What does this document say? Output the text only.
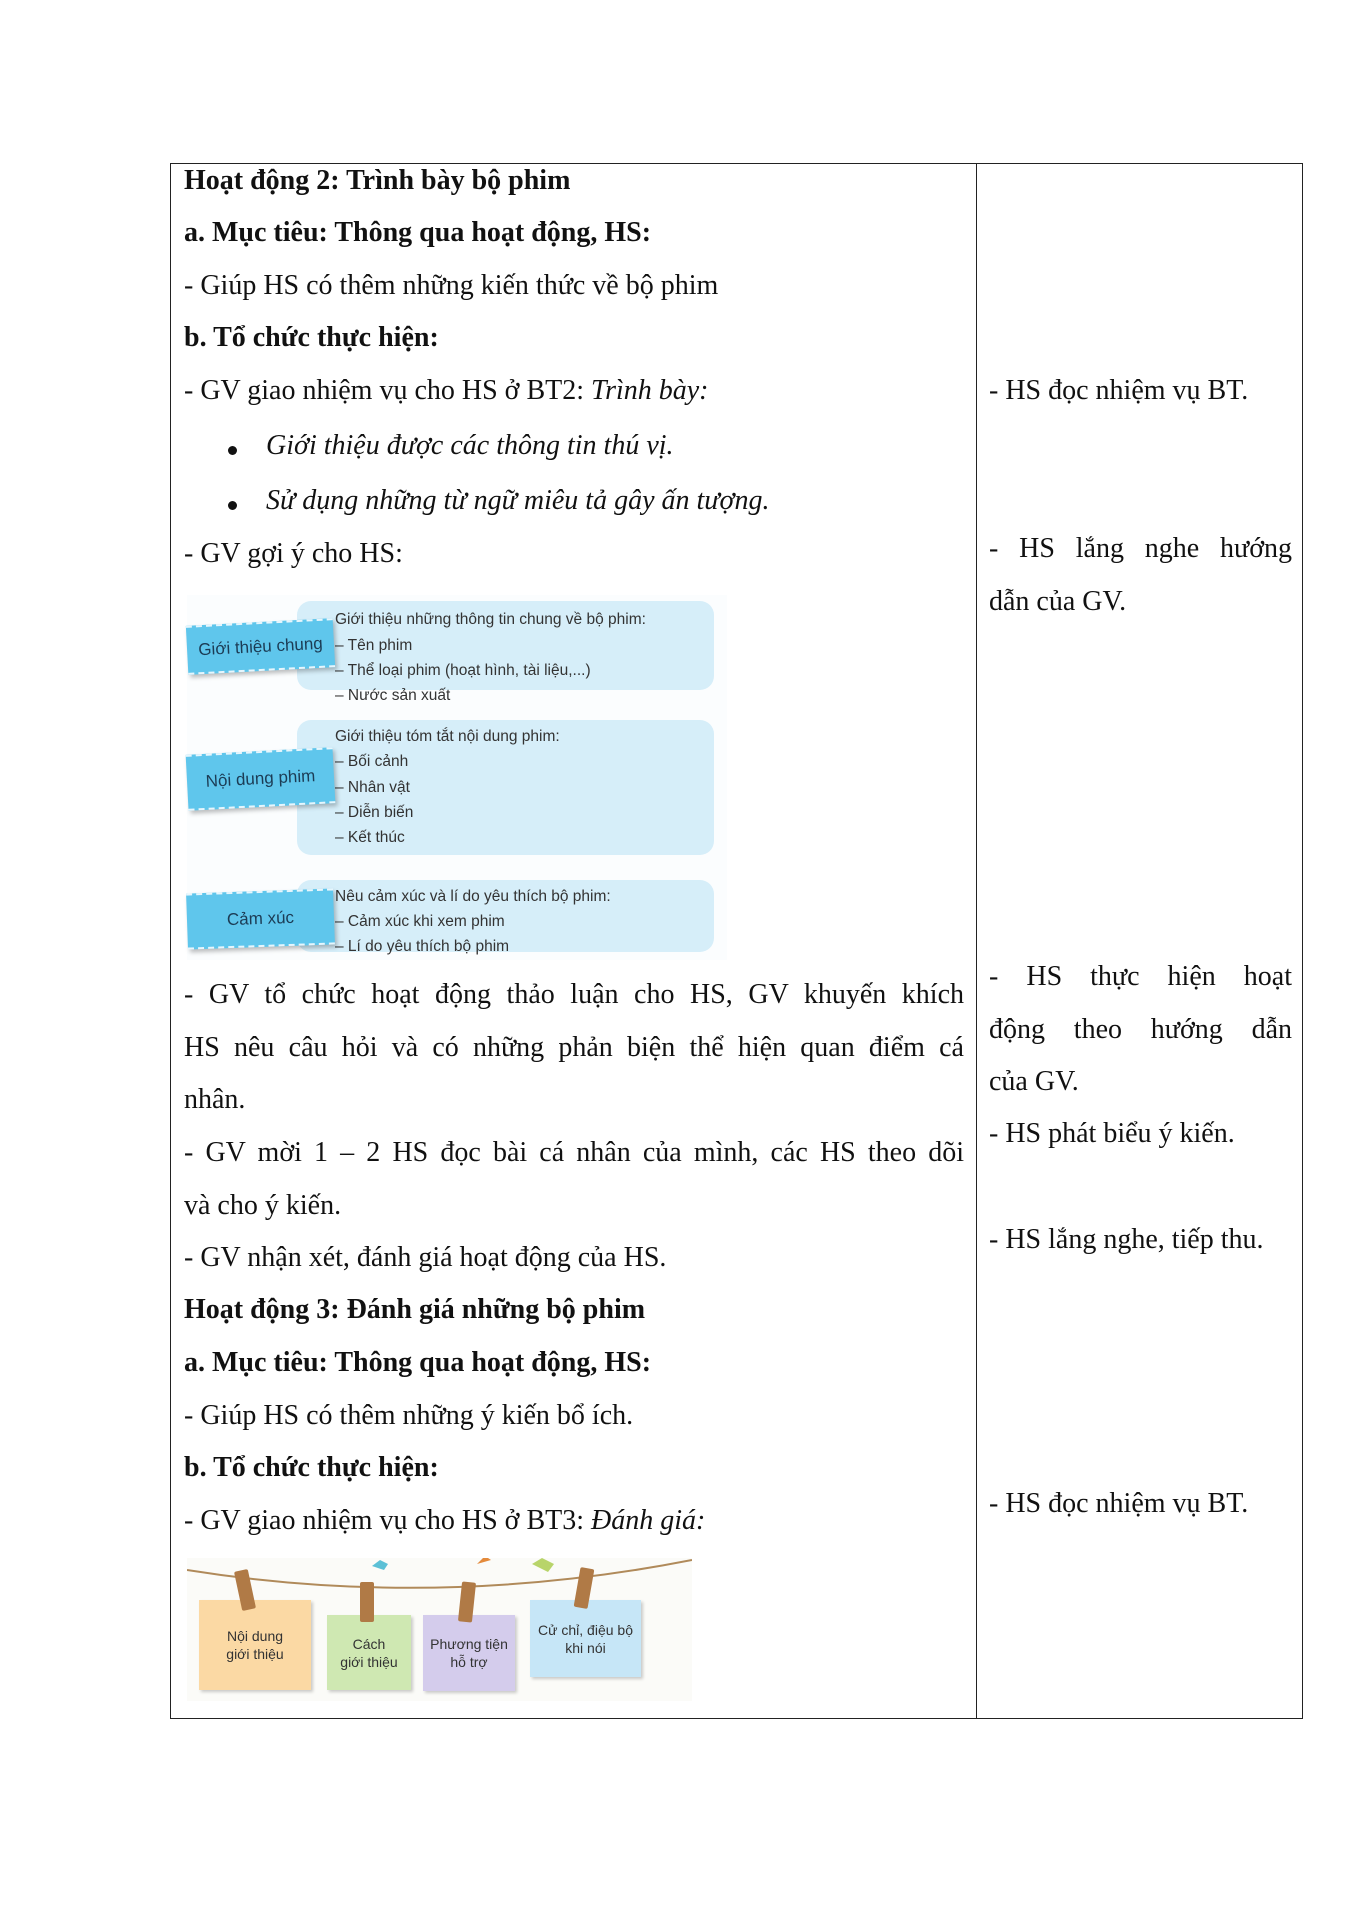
Hoạt động 2: Trình bày bộ phim
a. Mục tiêu: Thông qua hoạt động, HS:
- Giúp HS có thêm những kiến thức về bộ phim
b. Tổ chức thực hiện:
- GV giao nhiệm vụ cho HS ở BT2: Trình bày:
Giới thiệu được các thông tin thú vị.
Sử dụng những từ ngữ miêu tả gây ấn tượng.
- GV gợi ý cho HS:
Giới thiệu những thông tin chung về bộ phim:
– Tên phim
– Thể loại phim (hoạt hình, tài liệu,...)
– Nước sản xuất
Giới thiệu chung
Giới thiệu tóm tắt nội dung phim:
– Bối cảnh
– Nhân vật
– Diễn biến
– Kết thúc
Nội dung phim
Nêu cảm xúc và lí do yêu thích bộ phim:
– Cảm xúc khi xem phim
– Lí do yêu thích bộ phim
Cảm xúc
- GV tổ chức hoạt động thảo luận cho HS, GV khuyến khích
HS nêu câu hỏi và có những phản biện thể hiện quan điểm cá
nhân.
- GV mời 1 – 2 HS đọc bài cá nhân của mình, các HS theo dõi
và cho ý kiến.
- GV nhận xét, đánh giá hoạt động của HS.
Hoạt động 3: Đánh giá những bộ phim
a. Mục tiêu: Thông qua hoạt động, HS:
- Giúp HS có thêm những ý kiến bổ ích.
b. Tổ chức thực hiện:
- GV giao nhiệm vụ cho HS ở BT3: Đánh giá:
Nội dung
giới thiệu
Cách
giới thiệu
Phương tiện
hỗ trợ
Cử chỉ, điệu bộ
khi nói
- HS đọc nhiệm vụ BT.
- HS lắng nghe hướng
dẫn của GV.
- HS thực hiện hoạt
động theo hướng dẫn
của GV.
- HS phát biểu ý kiến.
- HS lắng nghe, tiếp thu.
- HS đọc nhiệm vụ BT.
